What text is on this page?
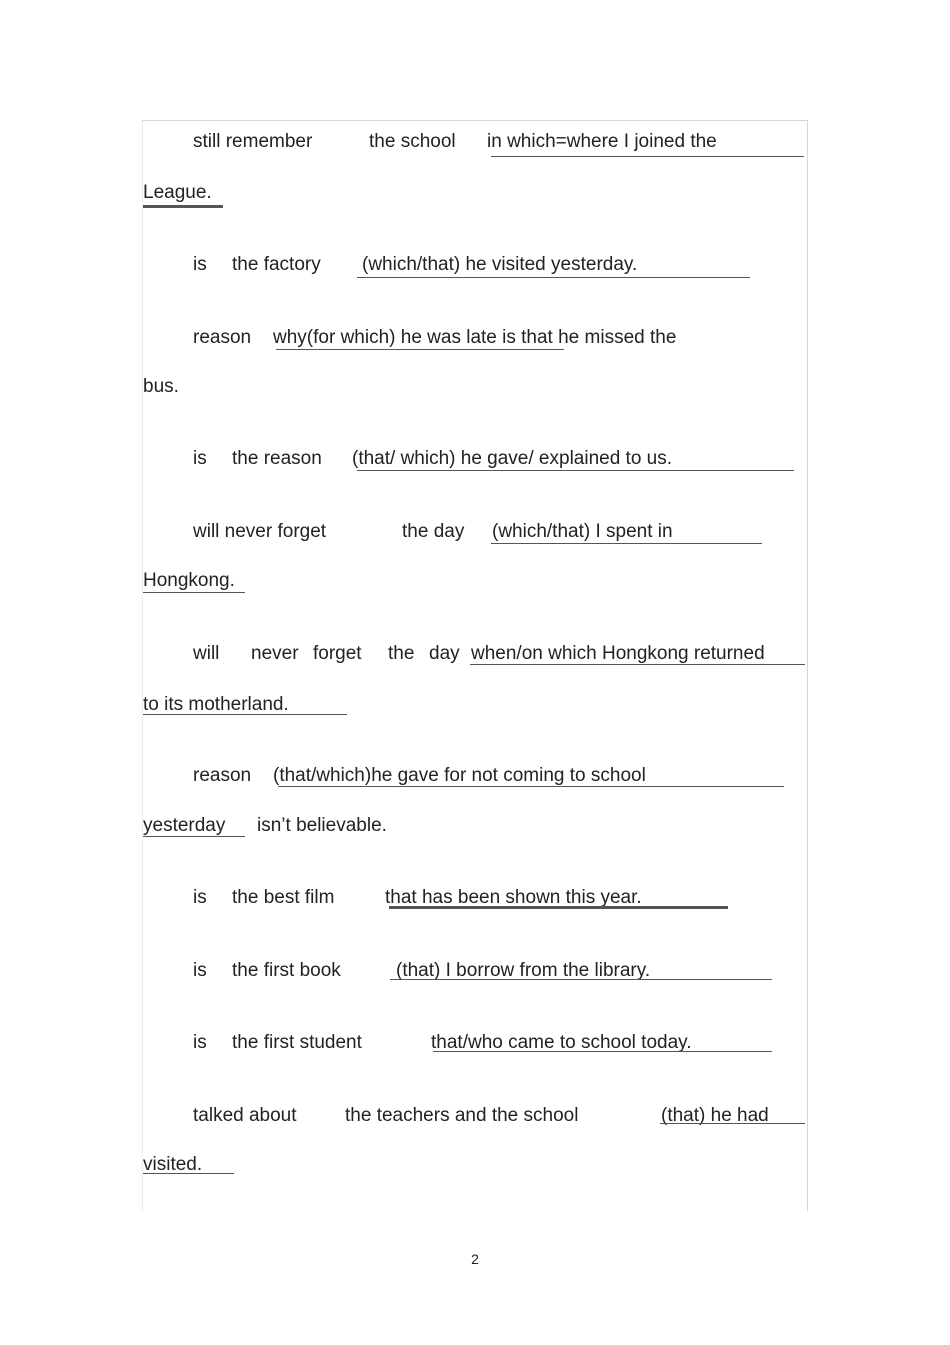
still remember	the school in which=where I joined the
League.
is the factory (which/that) he visited yesterday.
reason why(for which) he was late is that he missed the
bus.
is the reason (that/ which) he gave/ explained to us.
will never forget	the day (which/that) I spent in
Hongkong.
will never forget the day when/on which Hongkong returned
to its motherland.
reason (that/which)he gave for not coming to school
yesterday isn’t believable.
is the best film	that has been shown this year.
is the first book	(that) I borrow from the library.
is the first student	that/who came to school today.
talked about	the teachers and the school	(that) he had
visited.
2
